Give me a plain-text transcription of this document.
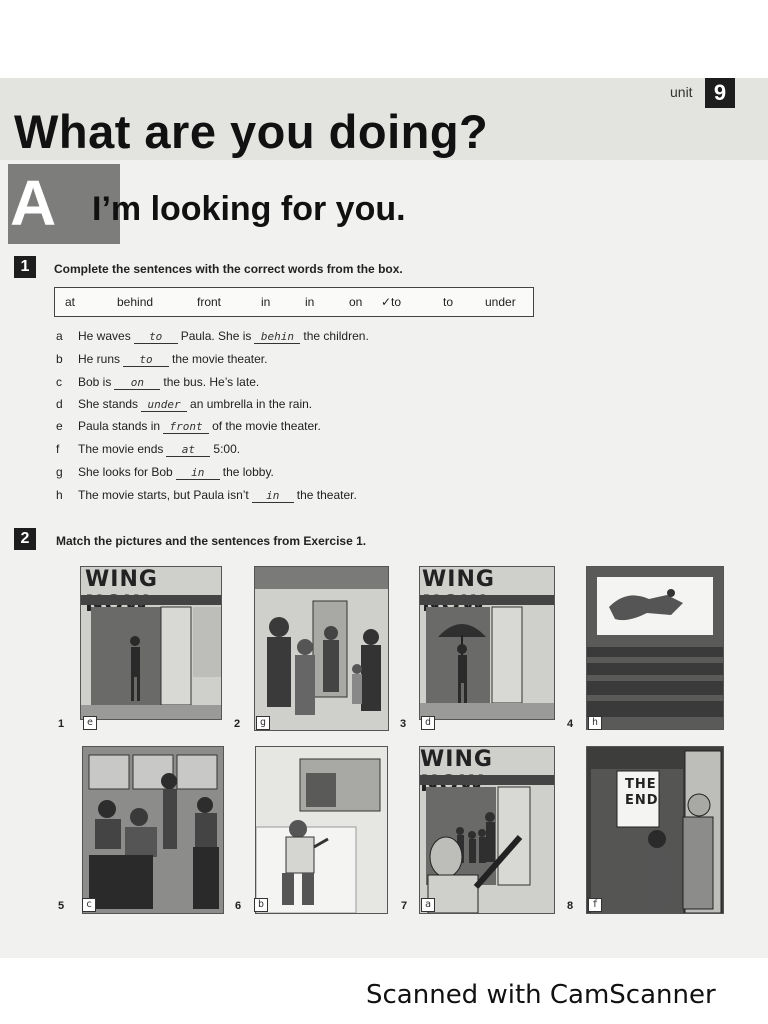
unit 9
What are you doing?
A I’m looking for you.
1	Complete the sentences with the correct words from the box.
at	behind	front	in	in	on ✓to	to	under
a He waves to Paula. She is behin the children.
b He runs to the movie theater.
c Bob is on the bus. He’s late.
d She stands under an umbrella in the rain.
e Paula stands in front of the movie theater.
f The movie ends at 5:00.
g She looks for Bob in the lobby.
h The movie starts, but Paula isn’t in the theater.
2	Match the pictures and the sentences from Exercise 1.
WING
1	e	2	g
WING
3	d	4	h
5	c	6	b
WING
7	a
THE END
8	f
Scanned with CamScanner
